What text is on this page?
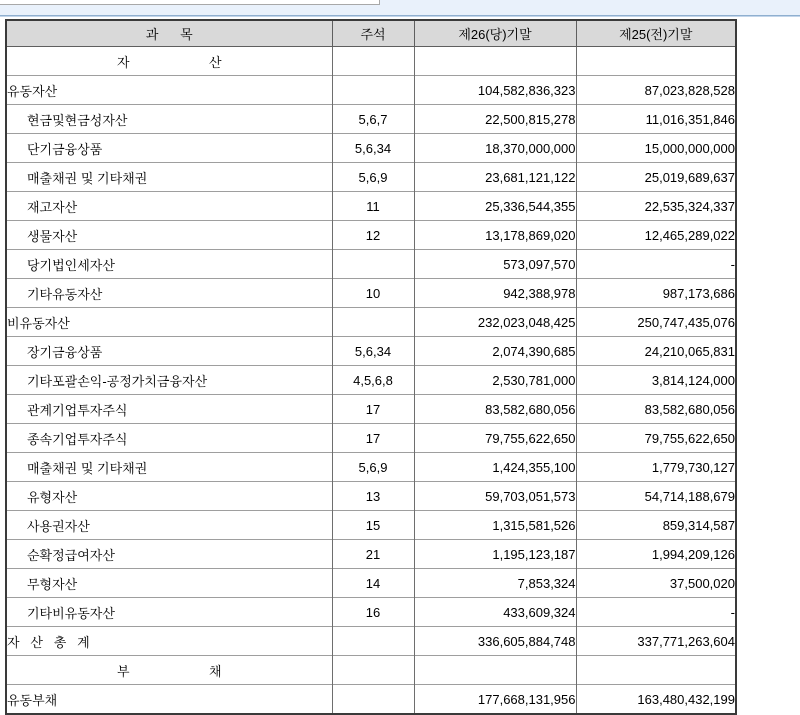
과      목	주석	제26(당)기말	제25(전)기말
자                      산			
유동자산		104,582,836,323	87,023,828,528
현금및현금성자산	5,6,7	22,500,815,278	11,016,351,846
단기금융상품	5,6,34	18,370,000,000	15,000,000,000
매출채권 및 기타채권	5,6,9	23,681,121,122	25,019,689,637
재고자산	11	25,336,544,355	22,535,324,337
생물자산	12	13,178,869,020	12,465,289,022
당기법인세자산		573,097,570	-
기타유동자산	10	942,388,978	987,173,686
비유동자산		232,023,048,425	250,747,435,076
장기금융상품	5,6,34	2,074,390,685	24,210,065,831
기타포괄손익-공정가치금융자산	4,5,6,8	2,530,781,000	3,814,124,000
관계기업투자주식	17	83,582,680,056	83,582,680,056
종속기업투자주식	17	79,755,622,650	79,755,622,650
매출채권 및 기타채권	5,6,9	1,424,355,100	1,779,730,127
유형자산	13	59,703,051,573	54,714,188,679
사용권자산	15	1,315,581,526	859,314,587
순확정급여자산	21	1,195,123,187	1,994,209,126
무형자산	14	7,853,324	37,500,020
기타비유동자산	16	433,609,324	-
자   산   총   계		336,605,884,748	337,771,263,604
부                      채			
유동부채		177,668,131,956	163,480,432,199
